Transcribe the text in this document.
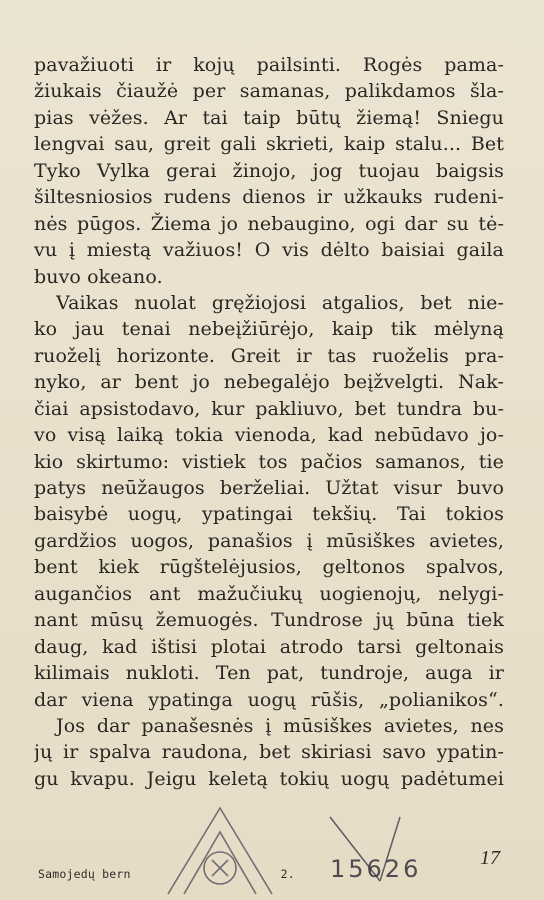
pavažiuoti ir kojų pailsinti. Rogės pama-
žiukais čiaužė per samanas, palikdamos šla-
pias vėžes. Ar tai taip būtų žiemą! Sniegu
lengvai sau, greit gali skrieti, kaip stalu... Bet
Tyko Vylka gerai žinojo, jog tuojau baigsis
šiltesniosios rudens dienos ir užkauks rudeni-
nės pūgos. Žiema jo nebaugino, ogi dar su tė-
vu į miestą važiuos! O vis dėlto baisiai gaila
buvo okeano.
Vaikas nuolat gręžiojosi atgalios, bet nie-
ko jau tenai nebeįžiūrėjo, kaip tik mėlyną
ruoželį horizonte. Greit ir tas ruoželis pra-
nyko, ar bent jo nebegalėjo beįžvelgti. Nak-
čiai apsistodavo, kur pakliuvo, bet tundra bu-
vo visą laiką tokia vienoda, kad nebūdavo jo-
kio skirtumo: vistiek tos pačios samanos, tie
patys neūžaugos berželiai. Užtat visur buvo
baisybė uogų, ypatingai tekšių. Tai tokios
gardžios uogos, panašios į mūsiškes avietes,
bent kiek rūgštelėjusios, geltonos spalvos,
augančios ant mažučiukų uogienojų, nelygi-
nant mūsų žemuogės. Tundrose jų būna tiek
daug, kad ištisi plotai atrodo tarsi geltonais
kilimais nukloti. Ten pat, tundroje, auga ir
dar viena ypatinga uogų rūšis, „polianikos“.
Jos dar panašesnės į mūsiškes avietes, nes
jų ir spalva raudona, bet skiriasi savo ypatin-
gu kvapu. Jeigu keletą tokių uogų padėtumei
Samojedų bern	2. 15626	17
